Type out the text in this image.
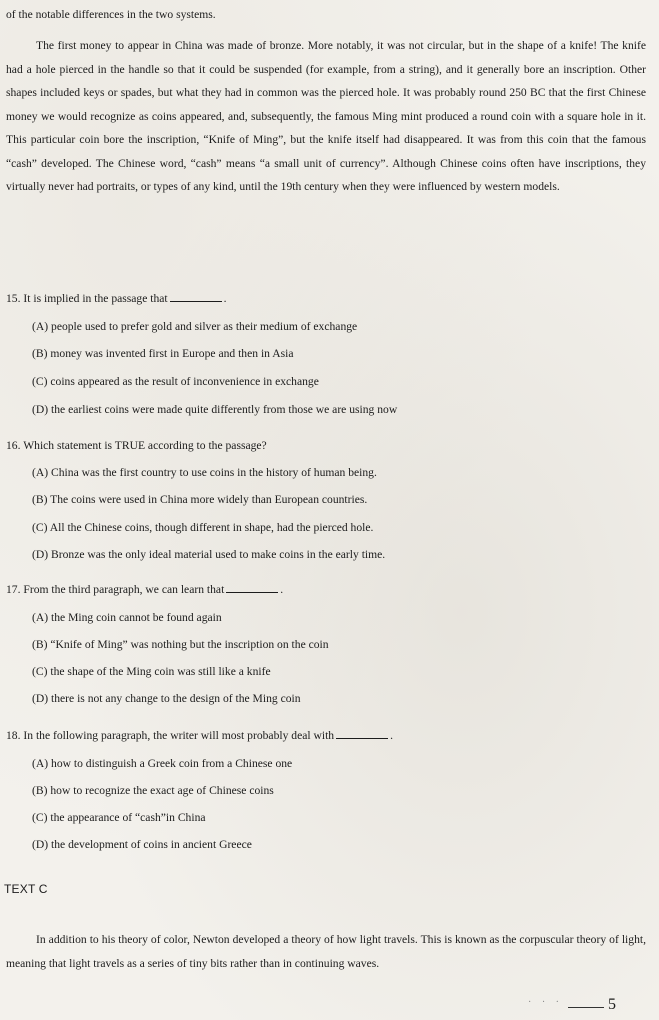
of the notable differences in the two systems.

The first money to appear in China was made of bronze. More notably, it was not circular, but in the shape of a knife! The knife had a hole pierced in the handle so that it could be suspended (for example, from a string), and it generally bore an inscription. Other shapes included keys or spades, but what they had in common was the pierced hole. It was probably round 250 BC that the first Chinese money we would recognize as coins appeared, and, subsequently, the famous Ming mint produced a round coin with a square hole in it. This particular coin bore the inscription, “Knife of Ming”, but the knife itself had disappeared. It was from this coin that the famous “cash” developed. The Chinese word, “cash” means “a small unit of currency”. Although Chinese coins often have inscriptions, they virtually never had portraits, or types of any kind, until the 19th century when they were influenced by western models.

15. It is implied in the passage that	.
(A) people used to prefer gold and silver as their medium of exchange
(B) money was invented first in Europe and then in Asia
(C) coins appeared as the result of inconvenience in exchange
(D) the earliest coins were made quite differently from those we are using now
16. Which statement is TRUE according to the passage?
(A) China was the first country to use coins in the history of human being.
(B) The coins were used in China more widely than European countries.
(C) All the Chinese coins, though different in shape, had the pierced hole.
(D) Bronze was the only ideal material used to make coins in the early time.
17. From the third paragraph, we can learn that	.
(A) the Ming coin cannot be found again
(B) “Knife of Ming” was nothing but the inscription on the coin
(C) the shape of the Ming coin was still like a knife
(D) there is not any change to the design of the Ming coin
18. In the following paragraph, the writer will most probably deal with	.
(A) how to distinguish a Greek coin from a Chinese one
(B) how to recognize the exact age of Chinese coins
(C) the appearance of “cash”in China
(D) the development of coins in ancient Greece
TEXT C

In addition to his theory of color, Newton developed a theory of how light travels. This is known as the corpuscular theory of light, meaning that light travels as a series of tiny bits rather than in continuing waves.

· · ·	5
